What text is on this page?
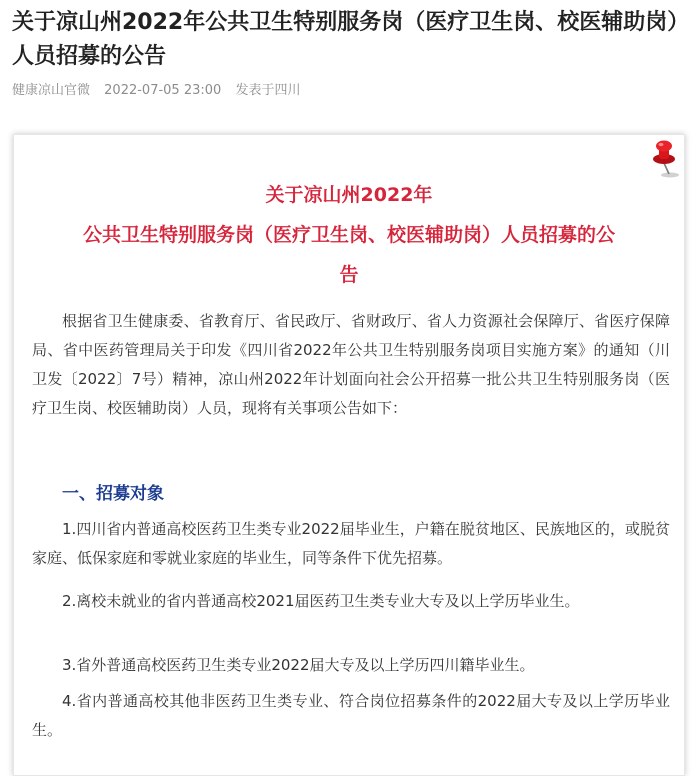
关于凉山州2022年公共卫生特别服务岗（医疗卫生岗、校医辅助岗）人员招募的公告
健康凉山官微 2022-07-05 23:00 发表于四川
关于凉山州2022年
公共卫生特别服务岗（医疗卫生岗、校医辅助岗）人员招募的公
告

根据省卫生健康委、省教育厅、省民政厅、省财政厅、省人力资源社会保障厅、省医疗保障局、省中医药管理局关于印发《四川省2022年公共卫生特别服务岗项目实施方案》的通知（川卫发〔2022〕7号）精神，凉山州2022年计划面向社会公开招募一批公共卫生特别服务岗（医疗卫生岗、校医辅助岗）人员，现将有关事项公告如下：

一、招募对象

1.四川省内普通高校医药卫生类专业2022届毕业生，户籍在脱贫地区、民族地区的，或脱贫家庭、低保家庭和零就业家庭的毕业生，同等条件下优先招募。

2.离校未就业的省内普通高校2021届医药卫生类专业大专及以上学历毕业生。

3.省外普通高校医药卫生类专业2022届大专及以上学历四川籍毕业生。

4.省内普通高校其他非医药卫生类专业、符合岗位招募条件的2022届大专及以上学历毕业生。
